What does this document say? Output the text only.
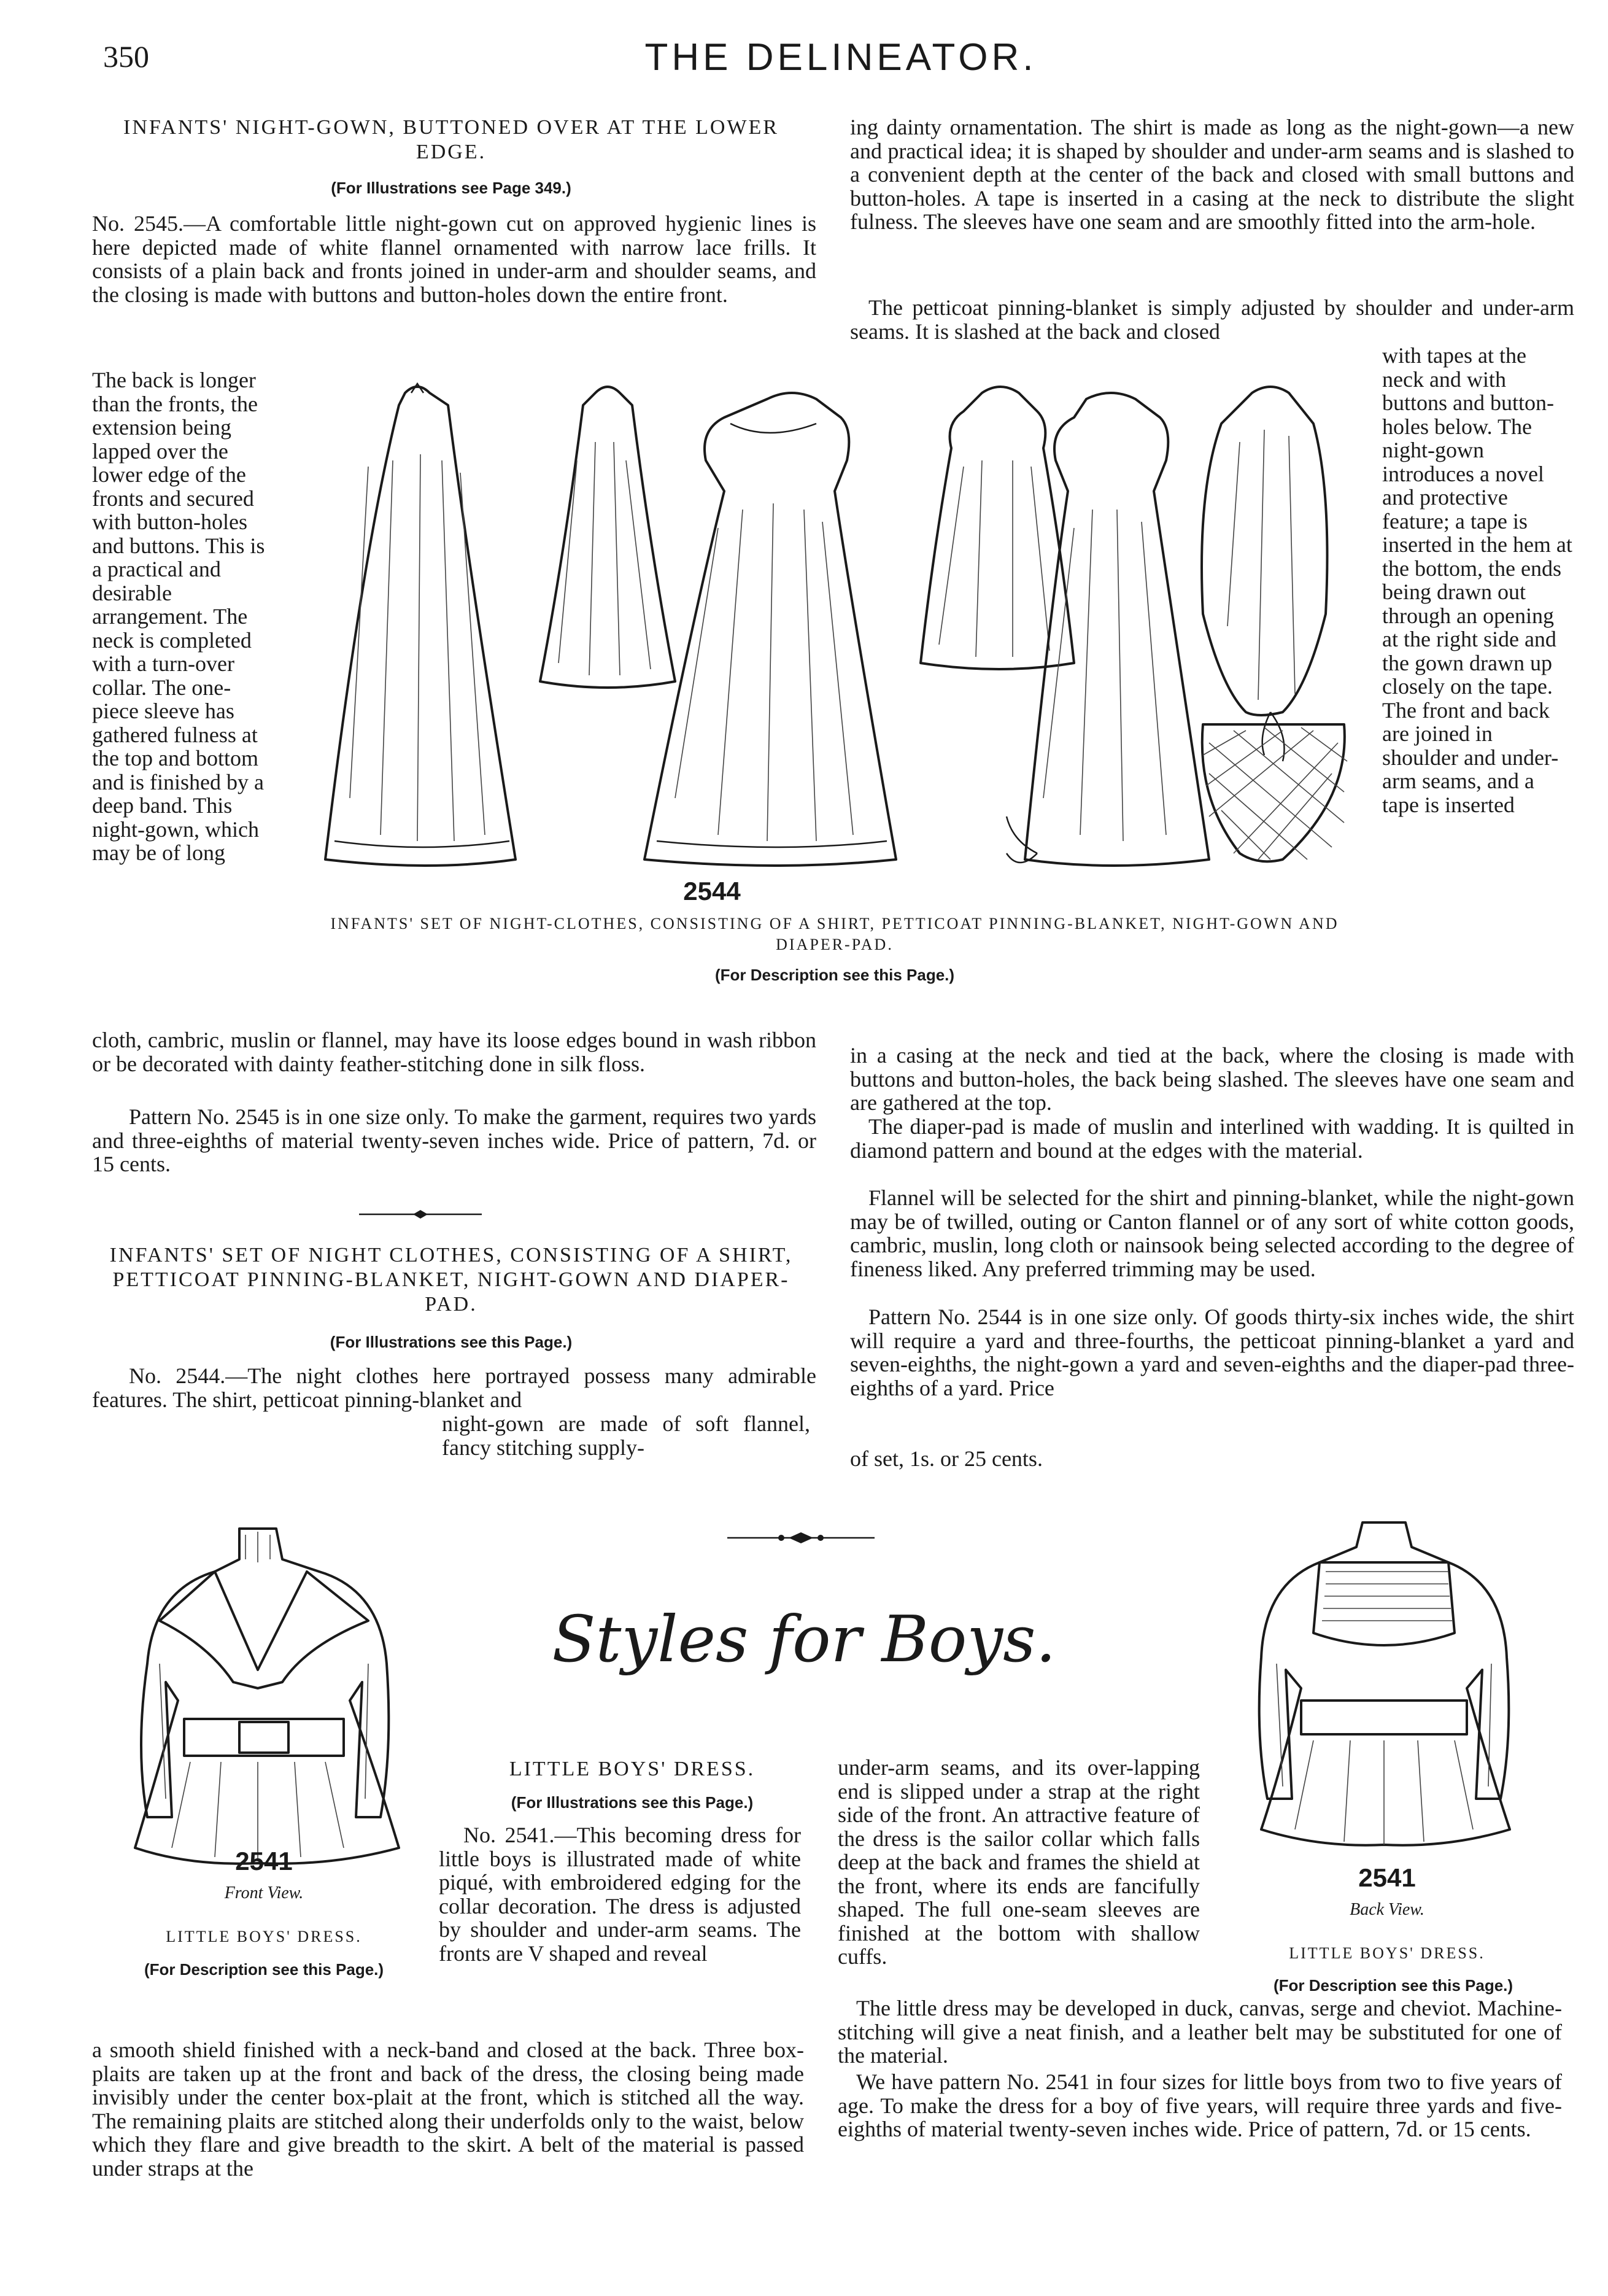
350	THE DELINEATOR.
INFANTS' NIGHT-GOWN, BUTTONED OVER AT THE LOWER EDGE.
(For Illustrations see Page 349.)

No. 2545.—A comfortable little night-gown cut on approved hygienic lines is here depicted made of white flannel ornamented with narrow lace frills. It consists of a plain back and fronts joined in under-arm and shoulder seams, and the closing is made with buttons and button-holes down the entire front.

The back is longer than the fronts, the extension being lapped over the lower edge of the fronts and secured with button-holes and buttons. This is a practical and desirable arrangement. The neck is completed with a turn-over collar. The one-piece sleeve has gathered fulness at the top and bottom and is finished by a deep band. This night-gown, which may be of long

cloth, cambric, muslin or flannel, may have its loose edges bound in wash ribbon or be decorated with dainty feather-stitching done in silk floss.

Pattern No. 2545 is in one size only. To make the garment, requires two yards and three-eighths of material twenty-seven inches wide. Price of pattern, 7d. or 15 cents.

INFANTS' SET OF NIGHT CLOTHES, CONSISTING OF A SHIRT, PETTICOAT PINNING-BLANKET, NIGHT-GOWN AND DIAPER-PAD.
(For Illustrations see this Page.)

No. 2544.—The night clothes here portrayed possess many admirable features. The shirt, petticoat pinning-blanket and

night-gown are made of soft flannel, fancy stitching supply-

ing dainty ornamentation. The shirt is made as long as the night-gown—a new and practical idea; it is shaped by shoulder and under-arm seams and is slashed to a convenient depth at the center of the back and closed with small buttons and button-holes. A tape is inserted in a casing at the neck to distribute the slight fulness. The sleeves have one seam and are smoothly fitted into the arm-hole.

The petticoat pinning-blanket is simply adjusted by shoulder and under-arm seams. It is slashed at the back and closed

with tapes at the neck and with buttons and button-holes below. The night-gown introduces a novel and protective feature; a tape is inserted in the hem at the bottom, the ends being drawn out through an opening at the right side and the gown drawn up closely on the tape. The front and back are joined in shoulder and under-arm seams, and a tape is inserted

in a casing at the neck and tied at the back, where the closing is made with buttons and button-holes, the back being slashed. The sleeves have one seam and are gathered at the top.

The diaper-pad is made of muslin and interlined with wadding. It is quilted in diamond pattern and bound at the edges with the material.

Flannel will be selected for the shirt and pinning-blanket, while the night-gown may be of twilled, outing or Canton flannel or of any sort of white cotton goods, cambric, muslin, long cloth or nainsook being selected according to the degree of fineness liked. Any preferred trimming may be used.

Pattern No. 2544 is in one size only. Of goods thirty-six inches wide, the shirt will require a yard and three-fourths, the petticoat pinning-blanket a yard and seven-eighths, the night-gown a yard and seven-eighths and the diaper-pad three-eighths of a yard. Price

of set, 1s. or 25 cents.

2544
INFANTS' SET OF NIGHT-CLOTHES, CONSISTING OF A SHIRT, PETTICOAT PINNING-BLANKET, NIGHT-GOWN AND DIAPER-PAD.
(For Description see this Page.)
Styles for Boys.
2541
Front View.
LITTLE BOYS' DRESS.
(For Description see this Page.)
2541
Back View.
LITTLE BOYS' DRESS.
(For Description see this Page.)
LITTLE BOYS' DRESS.
(For Illustrations see this Page.)

No. 2541.—This becoming dress for little boys is illustrated made of white piqué, with embroidered edging for the collar decoration. The dress is adjusted by shoulder and under-arm seams. The fronts are V shaped and reveal

a smooth shield finished with a neck-band and closed at the back. Three box-plaits are taken up at the front and back of the dress, the closing being made invisibly under the center box-plait at the front, which is stitched all the way. The remaining plaits are stitched along their underfolds only to the waist, below which they flare and give breadth to the skirt. A belt of the material is passed under straps at the

under-arm seams, and its over-lapping end is slipped under a strap at the right side of the front. An attractive feature of the dress is the sailor collar which falls deep at the back and frames the shield at the front, where its ends are fancifully shaped. The full one-seam sleeves are finished at the bottom with shallow cuffs.

The little dress may be developed in duck, canvas, serge and cheviot. Machine-stitching will give a neat finish, and a leather belt may be substituted for one of the material.

We have pattern No. 2541 in four sizes for little boys from two to five years of age. To make the dress for a boy of five years, will require three yards and five-eighths of material twenty-seven inches wide. Price of pattern, 7d. or 15 cents.
